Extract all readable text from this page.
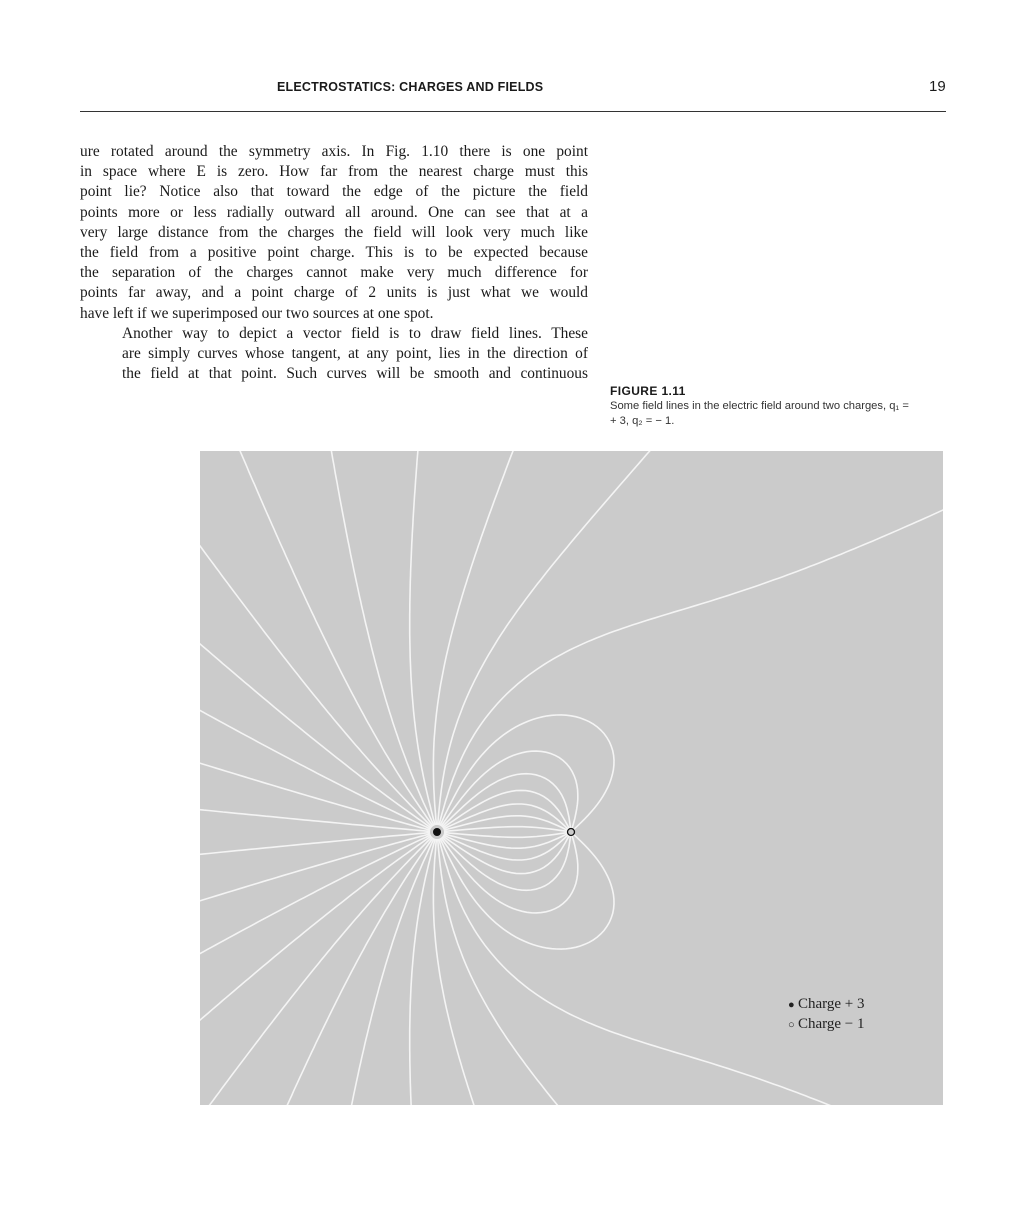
ELECTROSTATICS: CHARGES AND FIELDS	19

ure rotated around the symmetry axis. In Fig. 1.10 there is one point
in space where E is zero. How far from the nearest charge must this
point lie? Notice also that toward the edge of the picture the field
points more or less radially outward all around. One can see that at a
very large distance from the charges the field will look very much like
the field from a positive point charge. This is to be expected because
the separation of the charges cannot make very much difference for
points far away, and a point charge of 2 units is just what we would
have left if we superimposed our two sources at one spot.

Another way to depict a vector field is to draw field lines. These
are simply curves whose tangent, at any point, lies in the direction of
the field at that point. Such curves will be smooth and continuous

FIGURE 1.11
Some field lines in the electric field around two charges, q₁ = + 3, q₂ = − 1.
● Charge + 3
○ Charge − 1
